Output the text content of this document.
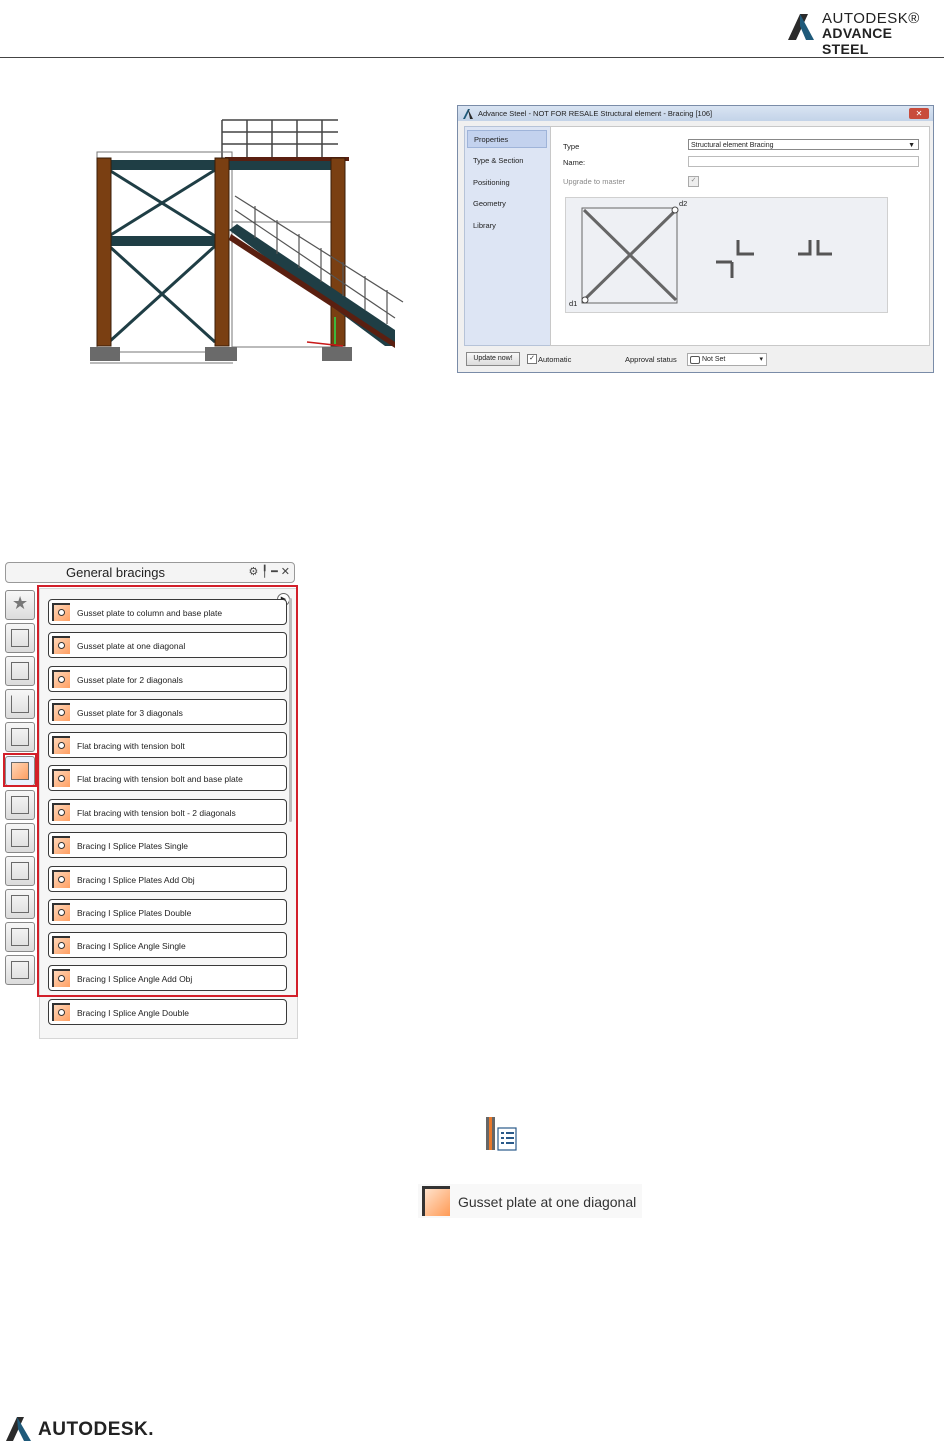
AUTODESK®
ADVANCE STEEL
Advance Steel - NOT FOR RESALE Structural element - Bracing [106]	✕
Properties
Type & Section
Positioning
Geometry
Library
Type	Structural element Bracing	▼
Name:
Upgrade to master	✓
d1
d2
Update now!	✓ Automatic	Approval status	Not Set	▾
General bracings	⚙ ╿ ━ ✕
★	Gusset plate to column and base plate
Gusset plate at one diagonal
Gusset plate for 2 diagonals
Gusset plate for 3 diagonals
Flat bracing with tension bolt
Flat bracing with tension bolt and base plate
Flat bracing with tension bolt - 2 diagonals
Bracing I Splice Plates Single
Bracing I Splice Plates Add Obj
Bracing I Splice Plates Double
Bracing I Splice Angle Single
Bracing I Splice Angle Add Obj
Bracing I Splice Angle Double
Gusset plate at one diagonal
AUTODESK.
